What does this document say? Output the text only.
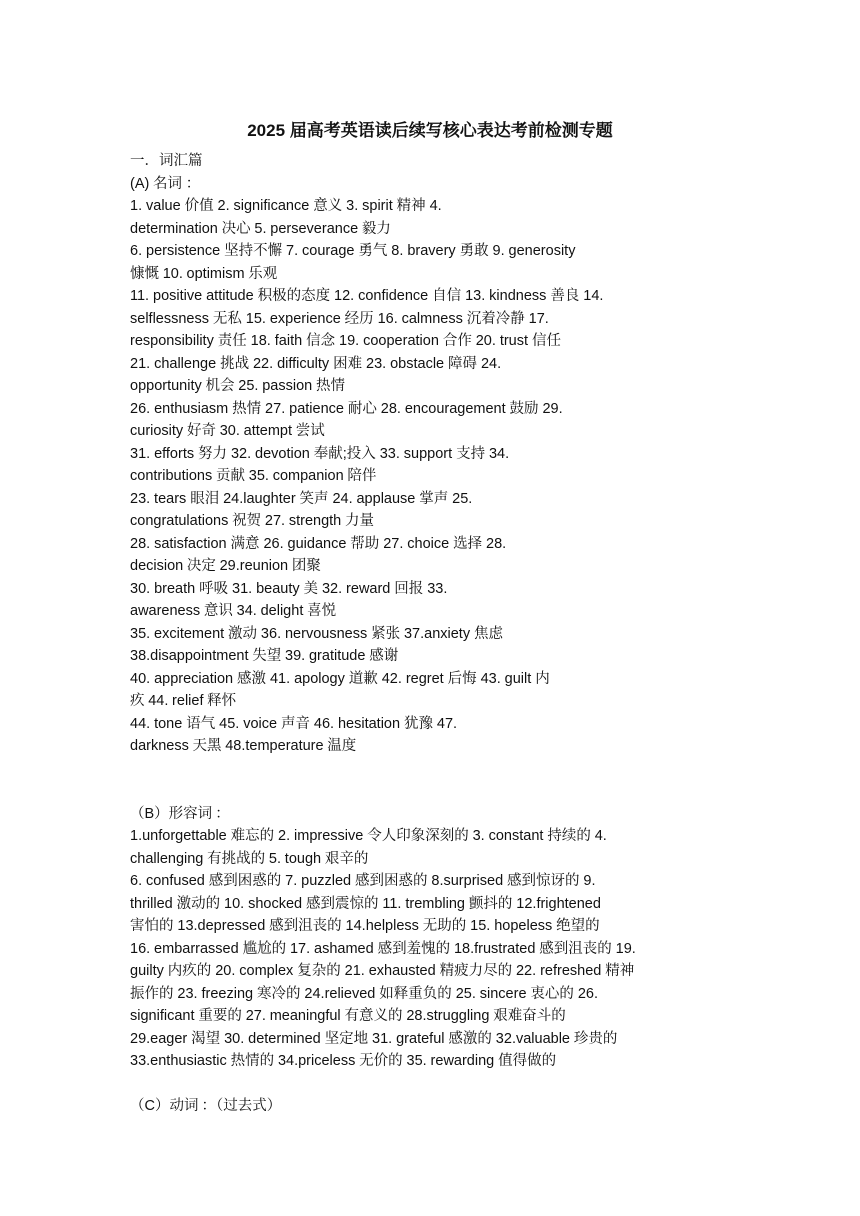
2025 届高考英语读后续写核心表达考前检测专题
一．词汇篇
(A) 名词 ：
1. value 价值 2. significance 意义 3. spirit 精神 4.
determination 决心 5. perseverance 毅力
6. persistence 坚持不懈 7. courage 勇气 8. bravery 勇敢 9. generosity
慷慨 10. optimism 乐观
11. positive attitude 积极的态度 12. confidence 自信 13. kindness 善良 14.
selflessness 无私 15. experience 经历 16. calmness 沉着冷静 17.
responsibility 责任 18. faith 信念 19. cooperation 合作 20. trust 信任
21. challenge 挑战 22. difficulty 困难 23. obstacle 障碍 24.
opportunity 机会 25. passion 热情
26. enthusiasm 热情 27. patience 耐心 28. encouragement 鼓励 29.
curiosity 好奇 30. attempt 尝试
31. efforts 努力 32. devotion 奉献;投入 33. support 支持 34.
contributions 贡献 35. companion 陪伴
23. tears 眼泪 24.laughter 笑声 24. applause 掌声 25.
congratulations 祝贺 27. strength 力量
28. satisfaction 满意 26. guidance 帮助 27. choice 选择 28.
decision 决定 29.reunion 团聚
30. breath 呼吸 31. beauty 美 32. reward 回报 33.
awareness 意识 34. delight 喜悦
35. excitement 激动 36. nervousness 紧张 37.anxiety 焦虑
38.disappointment 失望 39. gratitude 感谢
40. appreciation 感激 41. apology 道歉 42. regret 后悔 43. guilt 内
疚 44. relief 释怀
44. tone 语气 45. voice 声音 46. hesitation 犹豫 47.
darkness 天黑 48.temperature 温度
（B）形容词 ：
1.unforgettable 难忘的 2. impressive 令人印象深刻的 3. constant 持续的 4.
challenging 有挑战的 5. tough 艰辛的
6. confused 感到困惑的 7. puzzled 感到困惑的 8.surprised 感到惊讶的 9.
thrilled 激动的 10. shocked 感到震惊的 11. trembling 颤抖的 12.frightened
害怕的 13.depressed 感到沮丧的 14.helpless 无助的 15. hopeless 绝望的
16. embarrassed 尴尬的 17. ashamed 感到羞愧的 18.frustrated 感到沮丧的 19.
guilty 内疚的 20. complex 复杂的 21. exhausted 精疲力尽的 22. refreshed 精神
振作的 23. freezing 寒冷的 24.relieved 如释重负的 25. sincere 衷心的 26.
significant 重要的 27. meaningful 有意义的 28.struggling 艰难奋斗的
29.eager 渴望 30. determined 坚定地 31. grateful 感激的 32.valuable 珍贵的
33.enthusiastic 热情的 34.priceless 无价的 35. rewarding 值得做的
（C）动词 ：（过去式）
